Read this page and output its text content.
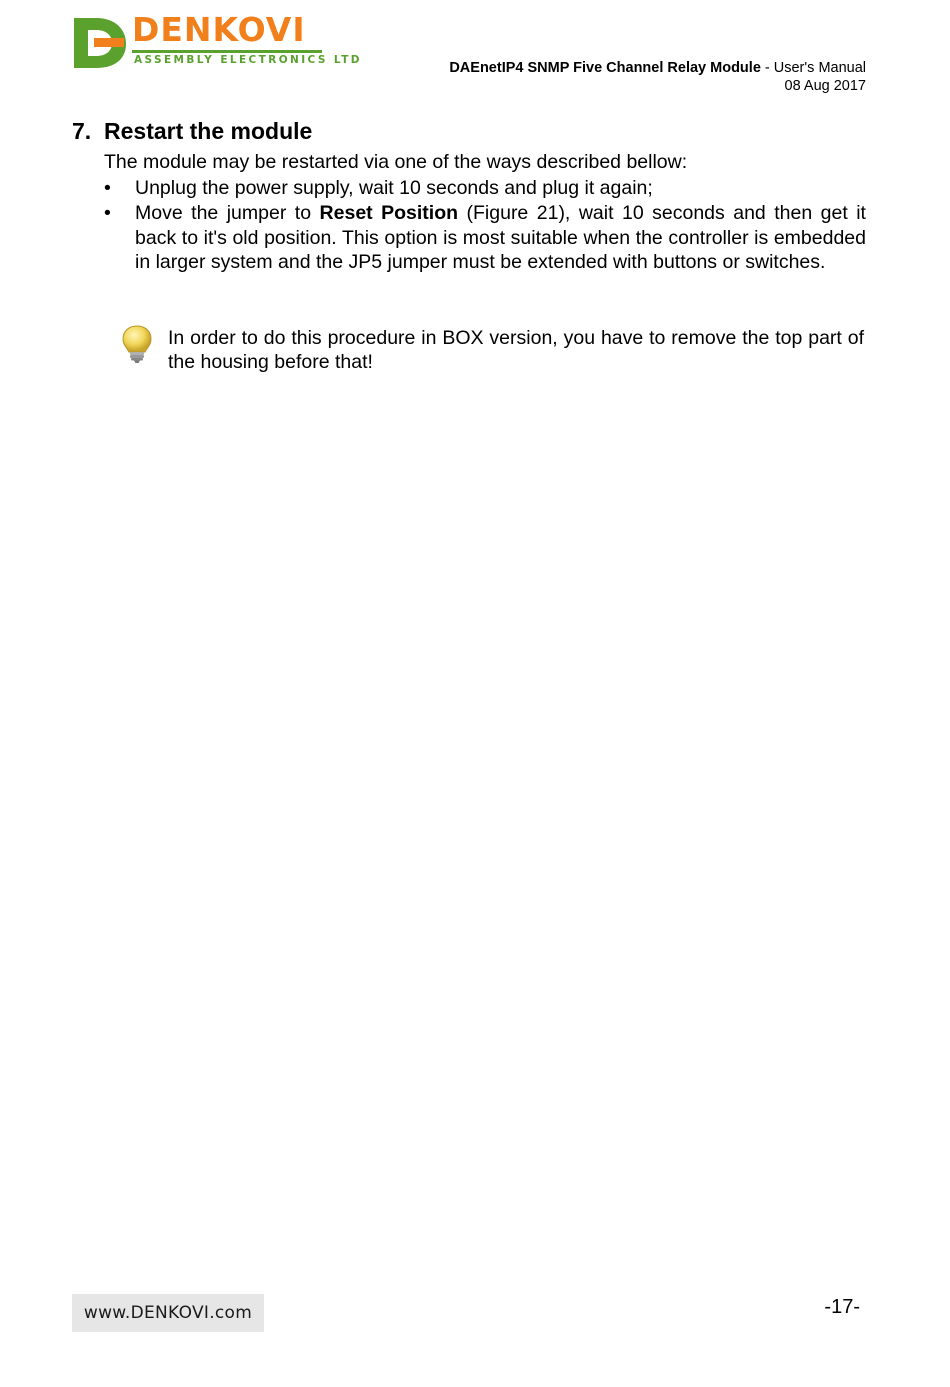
DENKOVI
ASSEMBLY ELECTRONICS LTD	DAEnetIP4 SNMP Five Channel Relay Module - User's Manual
08 Aug 2017
7. Restart the module
The module may be restarted via one of the ways described bellow:
• Unplug the power supply, wait 10 seconds and plug it again;
• Move the jumper to Reset Position (Figure 21), wait 10 seconds and then get it back to it's old position. This option is most suitable when the controller is embedded in larger system and the JP5 jumper must be extended with buttons or switches.
In order to do this procedure in BOX version, you have to remove the top part of the housing before that!
www.DENKOVI.com	-17-
